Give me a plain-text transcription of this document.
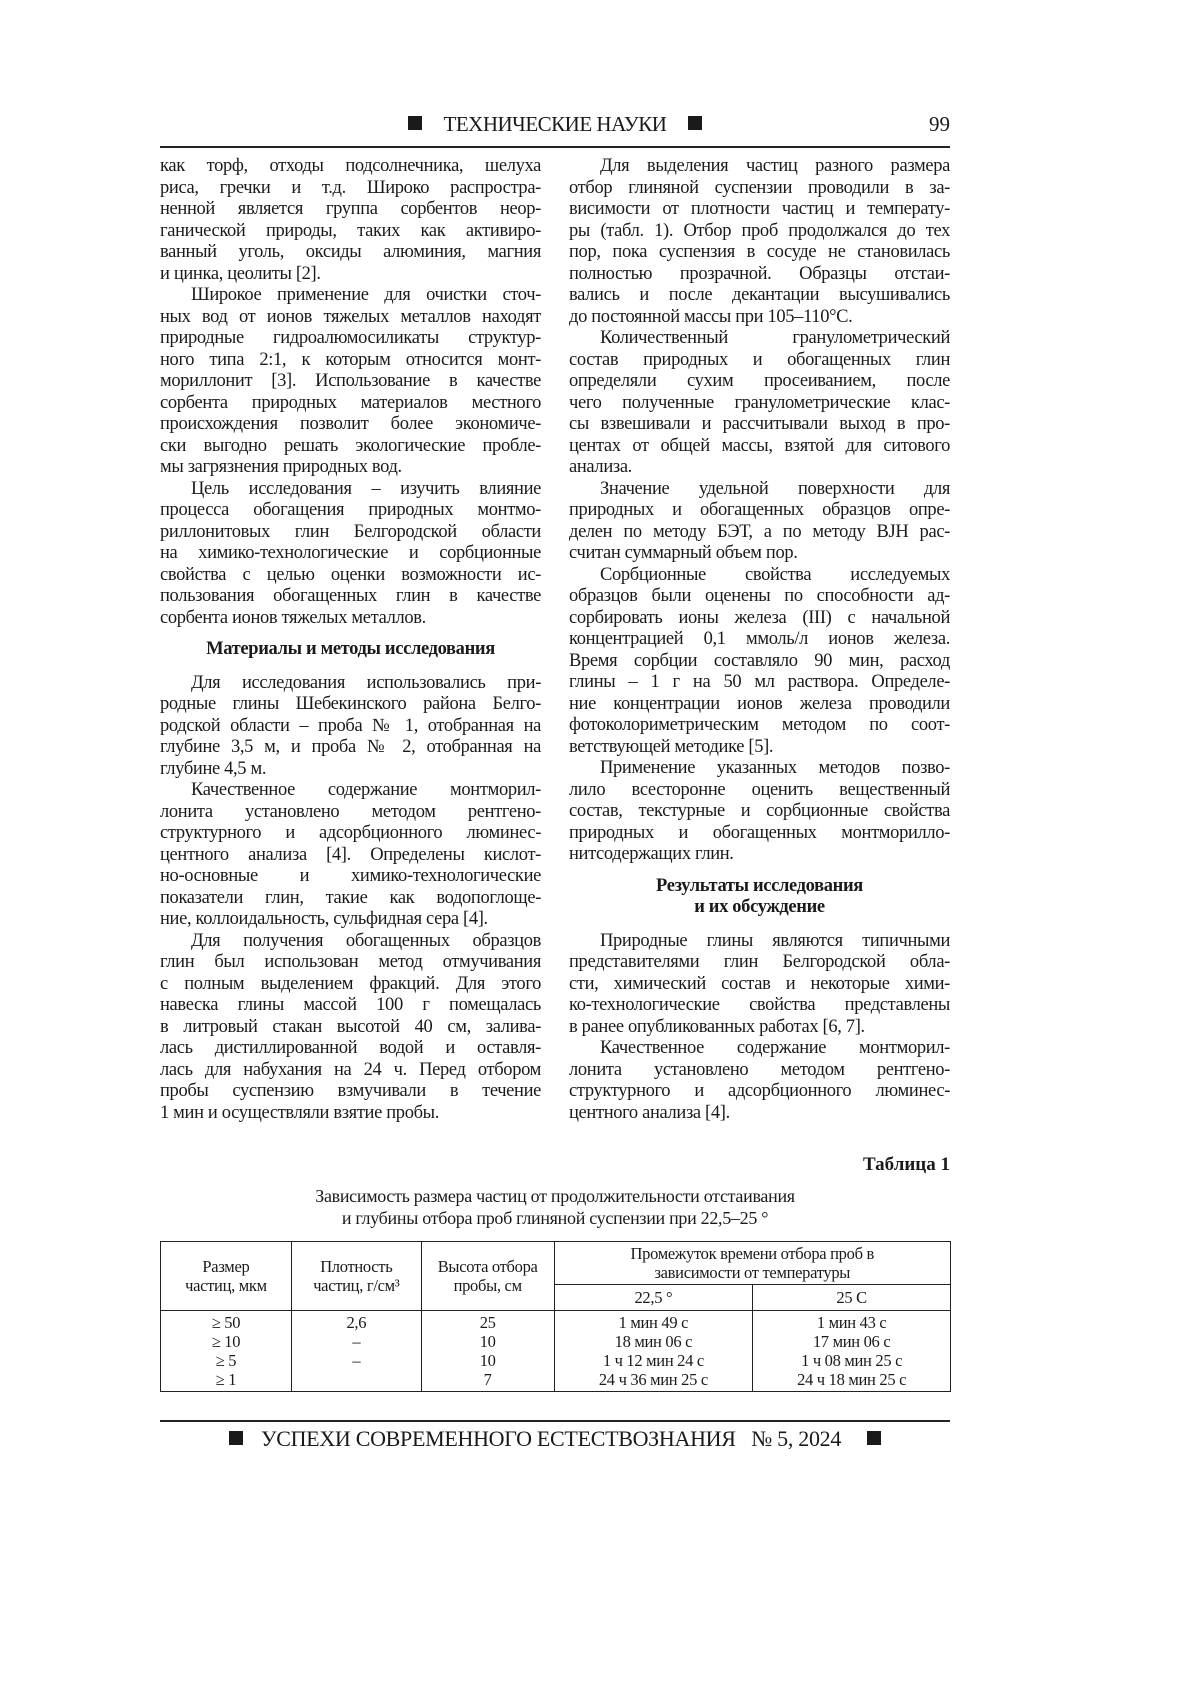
ТЕХНИЧЕСКИЕ НАУКИ	99
как торф, отходы подсолнечника, шелуха
риса, гречки и т.д. Широко распростра-
ненной является группа сорбентов неор-
ганической природы, таких как активиро-
ванный уголь, оксиды алюминия, магния
и цинка, цеолиты [2].
Широкое применение для очистки сточ-
ных вод от ионов тяжелых металлов находят
природные гидроалюмосиликаты структур-
ного типа 2:1, к которым относится монт-
мориллонит [3]. Использование в качестве
сорбента природных материалов местного
происхождения позволит более экономиче-
ски выгодно решать экологические пробле-
мы загрязнения природных вод.
Цель исследования – изучить влияние
процесса обогащения природных монтмо-
риллонитовых глин Белгородской области
на химико-технологические и сорбционные
свойства с целью оценки возможности ис-
пользования обогащенных глин в качестве
сорбента ионов тяжелых металлов.
Материалы и методы исследования
Для исследования использовались при-
родные глины Шебекинского района Белго-
родской области – проба № 1, отобранная на
глубине 3,5 м, и проба № 2, отобранная на
глубине 4,5 м.
Качественное содержание монтморил-
лонита установлено методом рентгено-
структурного и адсорбционного люминес-
центного анализа [4]. Определены кислот-
но-основные и химико-технологические
показатели глин, такие как водопоглоще-
ние, коллоидальность, сульфидная сера [4].
Для получения обогащенных образцов
глин был использован метод отмучивания
с полным выделением фракций. Для этого
навеска глины массой 100 г помещалась
в литровый стакан высотой 40 см, залива-
лась дистиллированной водой и оставля-
лась для набухания на 24 ч. Перед отбором
пробы суспензию взмучивали в течение
1 мин и осуществляли взятие пробы.
Для выделения частиц разного размера
отбор глиняной суспензии проводили в за-
висимости от плотности частиц и температу-
ры (табл. 1). Отбор проб продолжался до тех
пор, пока суспензия в сосуде не становилась
полностью прозрачной. Образцы отстаи-
вались и после декантации высушивались
до постоянной массы при 105–110°С.
Количественный гранулометрический
состав природных и обогащенных глин
определяли сухим просеиванием, после
чего полученные гранулометрические клас-
сы взвешивали и рассчитывали выход в про-
центах от общей массы, взятой для ситового
анализа.
Значение удельной поверхности для
природных и обогащенных образцов опре-
делен по методу БЭТ, а по методу BJH рас-
считан суммарный объем пор.
Сорбционные свойства исследуемых
образцов были оценены по способности ад-
сорбировать ионы железа (III) с начальной
концентрацией 0,1 ммоль/л ионов железа.
Время сорбции составляло 90 мин, расход
глины – 1 г на 50 мл раствора. Определе-
ние концентрации ионов железа проводили
фотоколориметрическим методом по соот-
ветствующей методике [5].
Применение указанных методов позво-
лило всесторонне оценить вещественный
состав, текстурные и сорбционные свойства
природных и обогащенных монтморилло-
нитсодержащих глин.
Результаты исследования
и их обсуждение
Природные глины являются типичными
представителями глин Белгородской обла-
сти, химический состав и некоторые хими-
ко-технологические свойства представлены
в ранее опубликованных работах [6, 7].
Качественное содержание монтморил-
лонита установлено методом рентгено-
структурного и адсорбционного люминес-
центного анализа [4].
Таблица 1
Зависимость размера частиц от продолжительности отстаивания
и глубины отбора проб глиняной суспензии при 22,5–25 °
Размер частиц, мкм	Плотность частиц, г/см³	Высота отбора пробы, см	Промежуток времени отбора проб в зависимости от температуры
22,5 °	25 С

≥ 50
≥ 10
≥ 5
≥ 1

2,6
–
–

25
10
10
7

1 мин 49 с
18 мин 06 с
1 ч 12 мин 24 с
24 ч 36 мин 25 с

1 мин 43 с
17 мин 06 с
1 ч 08 мин 25 с
24 ч 18 мин 25 с
УСПЕХИ СОВРЕМЕННОГО ЕСТЕСТВОЗНАНИЯ № 5, 2024
